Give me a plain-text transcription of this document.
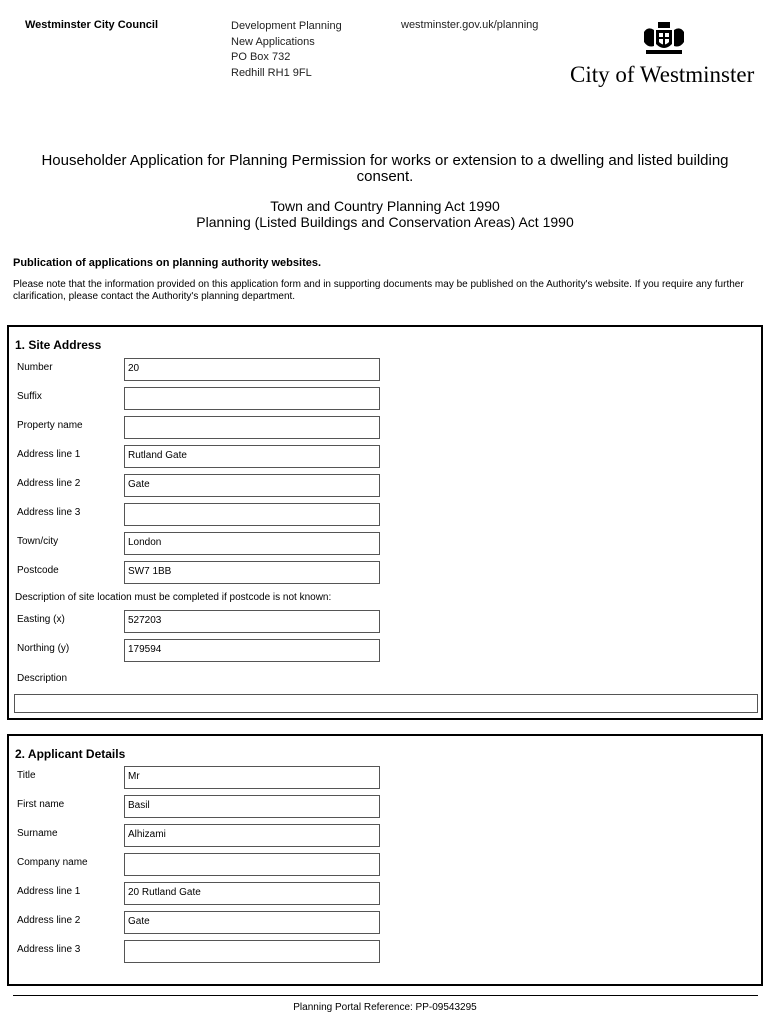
Westminster City Council	Development Planning
New Applications
PO Box 732
Redhill RH1 9FL
westminster.gov.uk/planning
City of Westminster
Householder Application for Planning Permission for works or extension to a dwelling and listed building
consent.
Town and Country Planning Act 1990
Planning (Listed Buildings and Conservation Areas) Act 1990
Publication of applications on planning authority websites.
Please note that the information provided on this application form and in supporting documents may be published on the Authority's website. If you require any further clarification, please contact the Authority's planning department.
1. Site Address
Number	20
Suffix
Property name
Address line 1	Rutland Gate
Address line 2	Gate
Address line 3
Town/city	London
Postcode	SW7 1BB
Description of site location must be completed if postcode is not known:
Easting (x)	527203
Northing (y)	179594
Description
2. Applicant Details
Title	Mr
First name	Basil
Surname	Alhizami
Company name
Address line 1	20 Rutland Gate
Address line 2	Gate
Address line 3
Planning Portal Reference: PP-09543295
